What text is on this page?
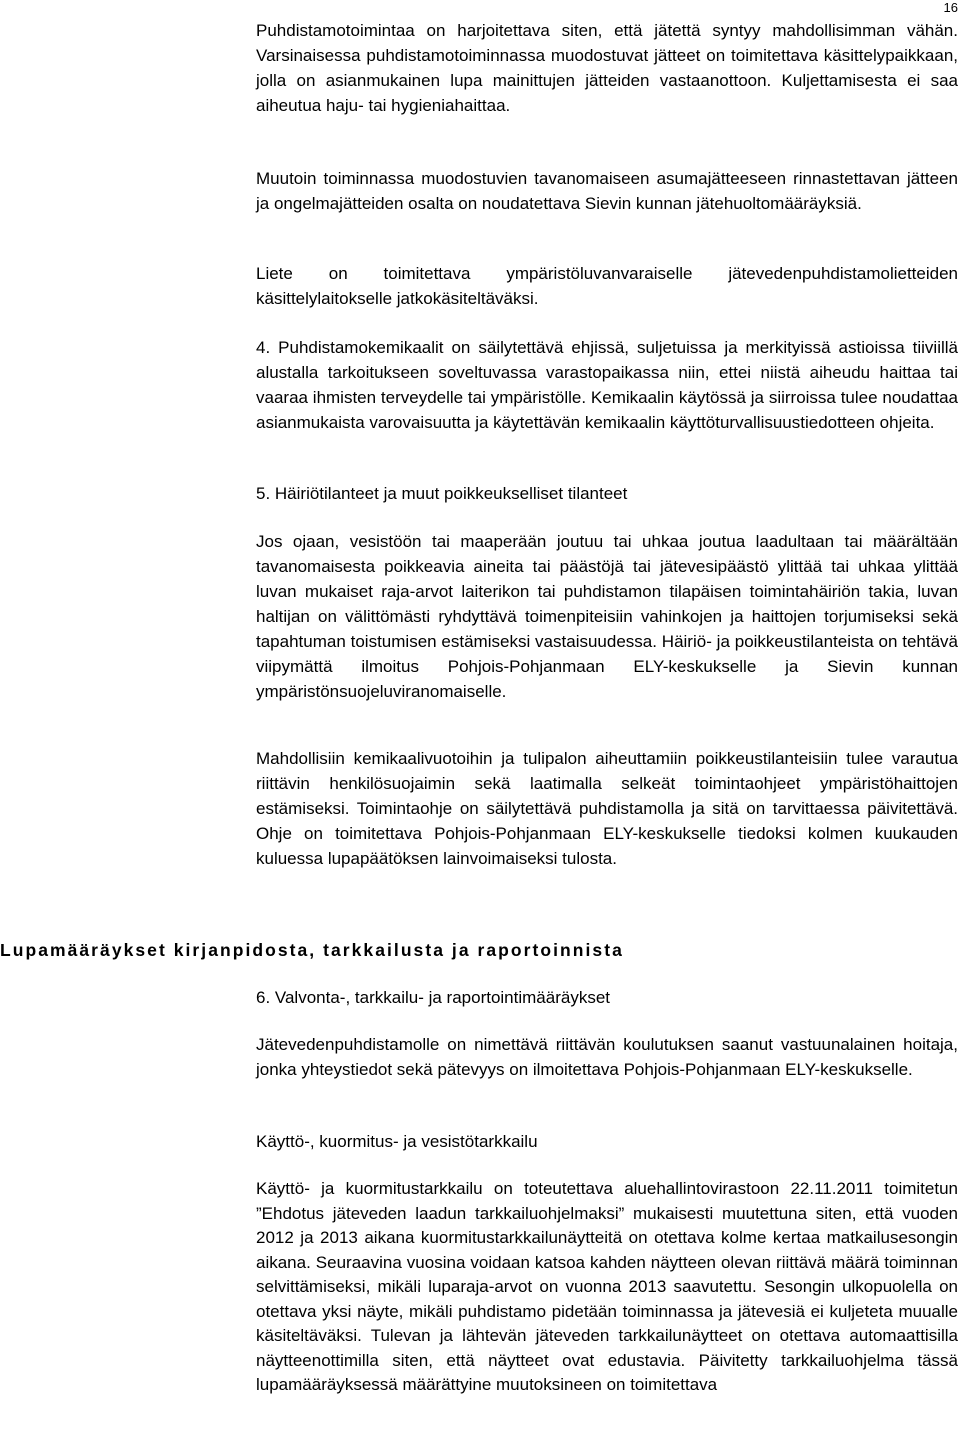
16

Puhdistamotoimintaa on harjoitettava siten, että jätettä syntyy mahdollisimman vähän. Varsinaisessa puhdistamotoiminnassa muodostuvat jätteet on toimitettava käsittelypaikkaan, jolla on asianmukainen lupa mainittujen jätteiden vastaanottoon. Kuljettamisesta ei saa aiheutua haju- tai hygieniahaittaa.

Muutoin toiminnassa muodostuvien tavanomaiseen asumajätteeseen rinnastettavan jätteen ja ongelmajätteiden osalta on noudatettava Sievin kunnan jätehuoltomääräyksiä.

Liete on toimitettava ympäristöluvanvaraiselle jätevedenpuhdistamolietteiden käsittelylaitokselle jatkokäsiteltäväksi.

4. Puhdistamokemikaalit on säilytettävä ehjissä, suljetuissa ja merkityissä astioissa tiiviillä alustalla tarkoitukseen soveltuvassa varastopaikassa niin, ettei niistä aiheudu haittaa tai vaaraa ihmisten terveydelle tai ympäristölle. Kemikaalin käytössä ja siirroissa tulee noudattaa asianmukaista varovaisuutta ja käytettävän kemikaalin käyttöturvallisuustiedotteen ohjeita.

5. Häiriötilanteet ja muut poikkeukselliset tilanteet

Jos ojaan, vesistöön tai maaperään joutuu tai uhkaa joutua laadultaan tai määrältään tavanomaisesta poikkeavia aineita tai päästöjä tai jätevesipäästö ylittää tai uhkaa ylittää luvan mukaiset raja-arvot laiterikon tai puhdistamon tilapäisen toimintahäiriön takia, luvan haltijan on välittömästi ryhdyttävä toimenpiteisiin vahinkojen ja haittojen torjumiseksi sekä tapahtuman toistumisen estämiseksi vastaisuudessa. Häiriö- ja poikkeustilanteista on tehtävä viipymättä ilmoitus Pohjois-Pohjanmaan ELY-keskukselle ja Sievin kunnan ympäristönsuojeluviranomaiselle.

Mahdollisiin kemikaalivuotoihin ja tulipalon aiheuttamiin poikkeustilanteisiin tulee varautua riittävin henkilösuojaimin sekä laatimalla selkeät toimintaohjeet ympäristöhaittojen estämiseksi. Toimintaohje on säilytettävä puhdistamolla ja sitä on tarvittaessa päivitettävä. Ohje on toimitettava Pohjois-Pohjanmaan ELY-keskukselle tiedoksi kolmen kuukauden kuluessa lupapäätöksen lainvoimaiseksi tulosta.

Lupamääräykset kirjanpidosta, tarkkailusta ja raportoinnista

6. Valvonta-, tarkkailu- ja raportointimääräykset

Jätevedenpuhdistamolle on nimettävä riittävän koulutuksen saanut vastuunalainen hoitaja, jonka yhteystiedot sekä pätevyys on ilmoitettava Pohjois-Pohjanmaan ELY-keskukselle.

Käyttö-, kuormitus- ja vesistötarkkailu

Käyttö- ja kuormitustarkkailu on toteutettava aluehallintovirastoon 22.11.2011 toimitetun ”Ehdotus jäteveden laadun tarkkailuohjelmaksi” mukaisesti muutettuna siten, että vuoden 2012 ja 2013 aikana kuormitustarkkailunäytteitä on otettava kolme kertaa matkailusesongin aikana. Seuraavina vuosina voidaan katsoa kahden näytteen olevan riittävä määrä toiminnan selvittämiseksi, mikäli luparaja-arvot on vuonna 2013 saavutettu. Sesongin ulkopuolella on otettava yksi näyte, mikäli puhdistamo pidetään toiminnassa ja jätevesiä ei kuljeteta muualle käsiteltäväksi. Tulevan ja lähtevän jäteveden tarkkailunäytteet on otettava automaattisilla näytteenottimilla siten, että näytteet ovat edustavia. Päivitetty tarkkailuohjelma tässä lupamääräyksessä määrättyine muutoksineen on toimitettava
